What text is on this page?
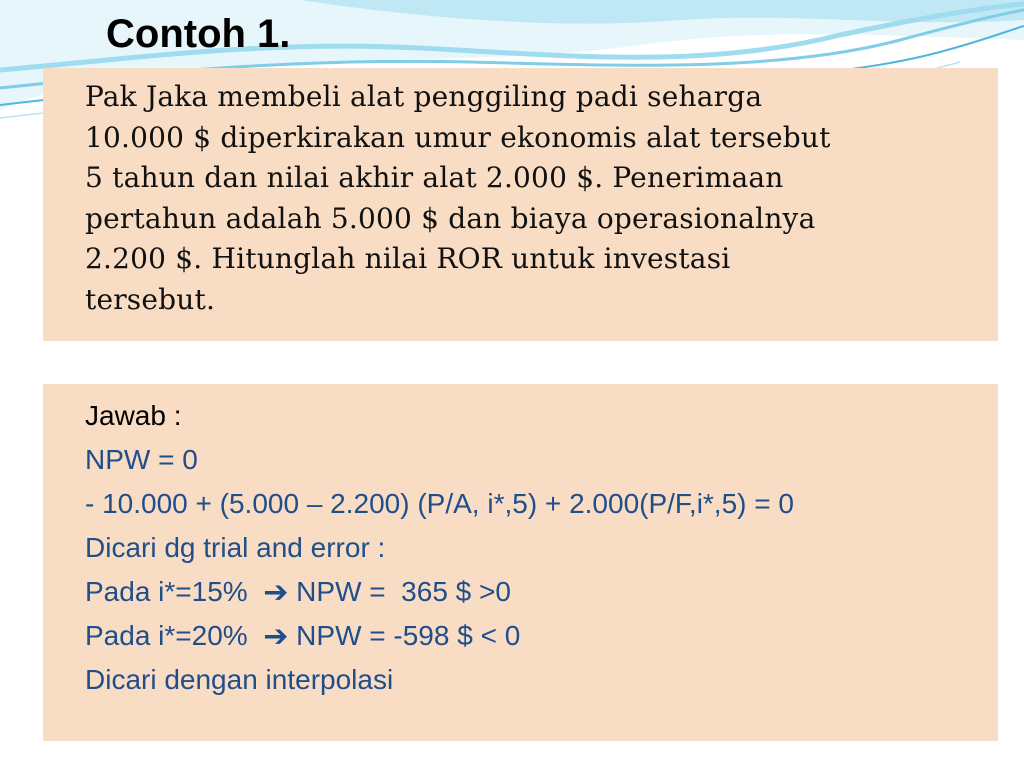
Contoh 1.

Pak Jaka membeli alat penggiling padi seharga
10.000 $ diperkirakan umur ekonomis alat tersebut
5 tahun dan nilai akhir alat 2.000 $. Penerimaan
pertahun adalah 5.000 $ dan biaya operasionalnya
2.200 $. Hitunglah nilai ROR untuk investasi
tersebut.

Jawab :
NPW = 0
- 10.000 + (5.000 – 2.200) (P/A, i*,5) + 2.000(P/F,i*,5) = 0
Dicari dg trial and error :
Pada i*=15%  ➔ NPW =  365 $ >0
Pada i*=20%  ➔ NPW = -598 $ < 0
Dicari dengan interpolasi
